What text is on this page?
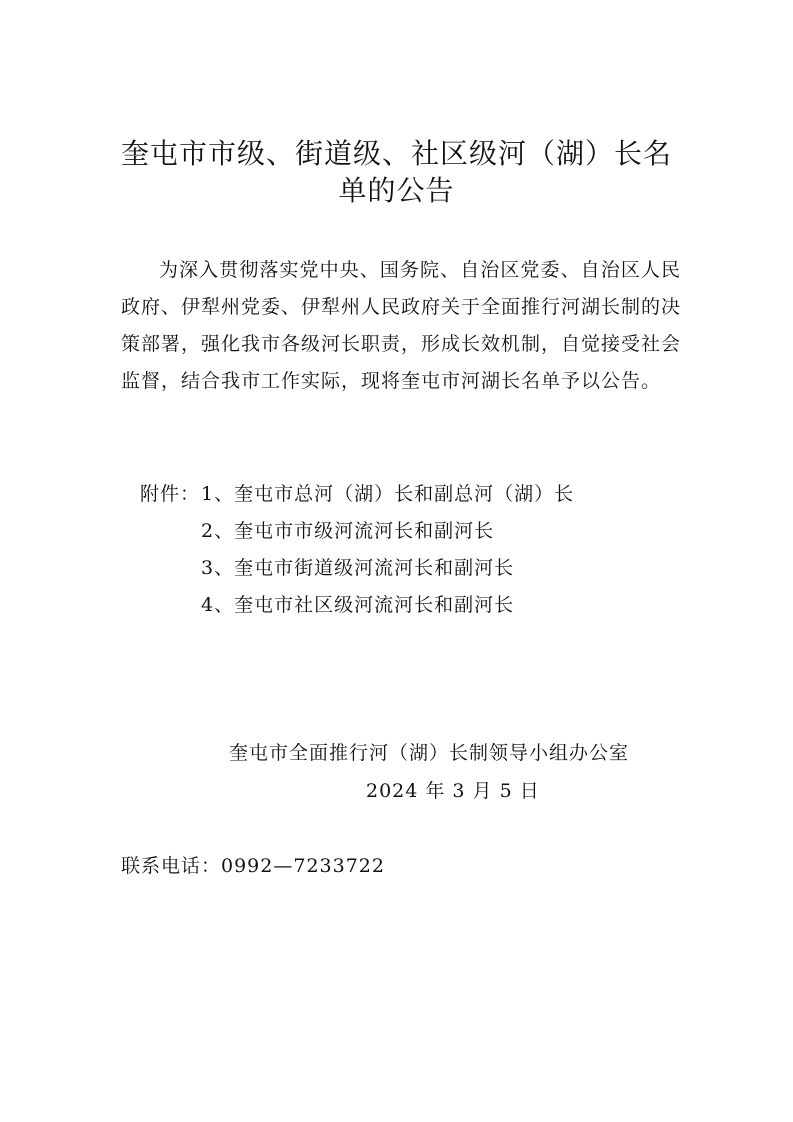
奎屯市市级、街道级、社区级河（湖）长名
单的公告

为深入贯彻落实党中央、国务院、自治区党委、自治区人民政府、伊犁州党委、伊犁州人民政府关于全面推行河湖长制的决策部署，强化我市各级河长职责，形成长效机制，自觉接受社会监督，结合我市工作实际，现将奎屯市河湖长名单予以公告。

附件： 1、奎屯市总河（湖）长和副总河（湖）长
2、奎屯市市级河流河长和副河长
3、奎屯市街道级河流河长和副河长
4、奎屯市社区级河流河长和副河长
奎屯市全面推行河（湖）长制领导小组办公室
2024 年 3 月 5 日
联系电话：0992—7233722
